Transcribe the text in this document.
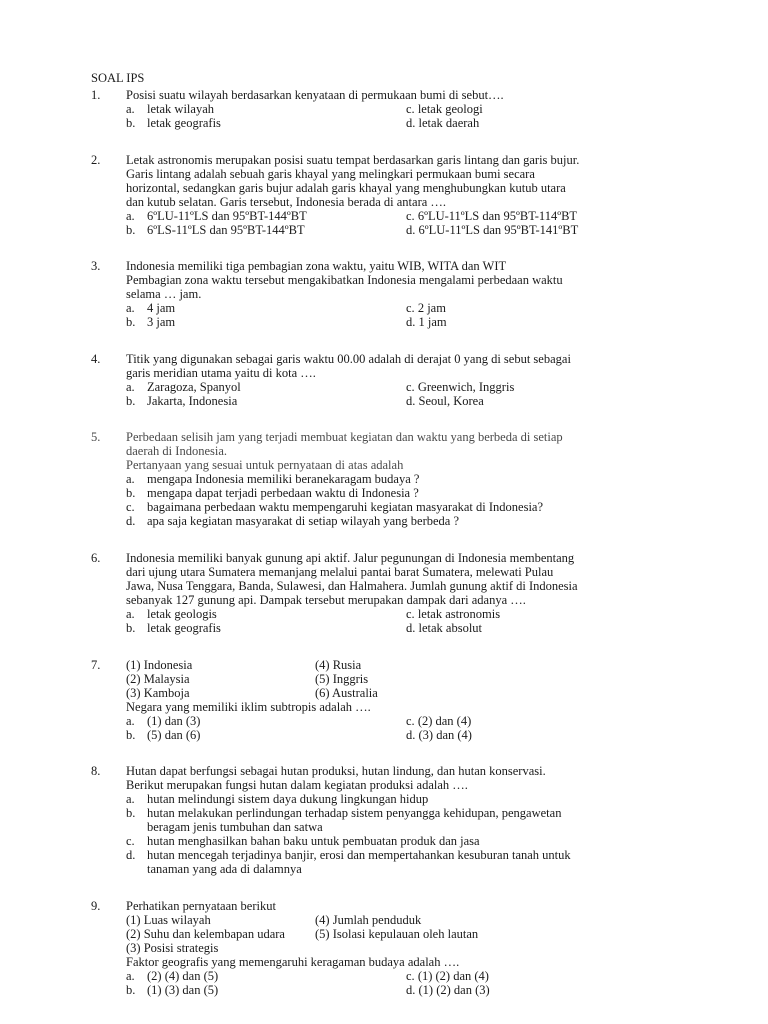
SOAL IPS
1. Posisi suatu wilayah berdasarkan kenyataan di permukaan bumi di sebut….
a. letak wilayah	c. letak geologi
b. letak geografis	d. letak daerah
2. Letak astronomis merupakan posisi suatu tempat berdasarkan garis lintang dan garis bujur.
Garis lintang adalah sebuah garis khayal yang melingkari permukaan bumi secara
horizontal, sedangkan garis bujur adalah garis khayal yang menghubungkan kutub utara
dan kutub selatan. Garis tersebut, Indonesia berada di antara ….
a. 6ºLU-11ºLS dan 95ºBT-144ºBT	c. 6ºLU-11ºLS dan 95ºBT-114ºBT
b. 6ºLS-11ºLS dan 95ºBT-144ºBT	d. 6ºLU-11ºLS dan 95ºBT-141ºBT
3. Indonesia memiliki tiga pembagian zona waktu, yaitu WIB, WITA dan WIT
Pembagian zona waktu tersebut mengakibatkan Indonesia mengalami perbedaan waktu
selama … jam.
a. 4 jam	c. 2 jam
b. 3 jam	d. 1 jam
4. Titik yang digunakan sebagai garis waktu 00.00 adalah di derajat 0 yang di sebut sebagai
garis meridian utama yaitu di kota ….
a. Zaragoza, Spanyol	c. Greenwich, Inggris
b. Jakarta, Indonesia	d. Seoul, Korea
5. Perbedaan selisih jam yang terjadi membuat kegiatan dan waktu yang berbeda di setiap
daerah di Indonesia.
Pertanyaan yang sesuai untuk pernyataan di atas adalah
a. mengapa Indonesia memiliki beranekaragam budaya ?
b. mengapa dapat terjadi perbedaan waktu di Indonesia ?
c. bagaimana perbedaan waktu mempengaruhi kegiatan masyarakat di Indonesia?
d. apa saja kegiatan masyarakat di setiap wilayah yang berbeda ?
6. Indonesia memiliki banyak gunung api aktif. Jalur pegunungan di Indonesia membentang
dari ujung utara Sumatera memanjang melalui pantai barat Sumatera, melewati Pulau
Jawa, Nusa Tenggara, Banda, Sulawesi, dan Halmahera. Jumlah gunung aktif di Indonesia
sebanyak 127 gunung api. Dampak tersebut merupakan dampak dari adanya ….
a. letak geologis	c. letak astronomis
b. letak geografis	d. letak absolut
7. (1) Indonesia	(4) Rusia
(2) Malaysia	(5) Inggris
(3) Kamboja	(6) Australia
Negara yang memiliki iklim subtropis adalah ….
a. (1) dan (3)	c. (2) dan (4)
b. (5) dan (6)	d. (3) dan (4)
8. Hutan dapat berfungsi sebagai hutan produksi, hutan lindung, dan hutan konservasi.
Berikut merupakan fungsi hutan dalam kegiatan produksi adalah ….
a. hutan melindungi sistem daya dukung lingkungan hidup
b. hutan melakukan perlindungan terhadap sistem penyangga kehidupan, pengawetan
beragam jenis tumbuhan dan satwa
c. hutan menghasilkan bahan baku untuk pembuatan produk dan jasa
d. hutan mencegah terjadinya banjir, erosi dan mempertahankan kesuburan tanah untuk
tanaman yang ada di dalamnya
9. Perhatikan pernyataan berikut
(1) Luas wilayah	(4) Jumlah penduduk
(2) Suhu dan kelembapan udara (5) Isolasi kepulauan oleh lautan
(3) Posisi strategis
Faktor geografis yang memengaruhi keragaman budaya adalah ….
a. (2) (4) dan (5)	c. (1) (2) dan (4)
b. (1) (3) dan (5)	d. (1) (2) dan (3)
